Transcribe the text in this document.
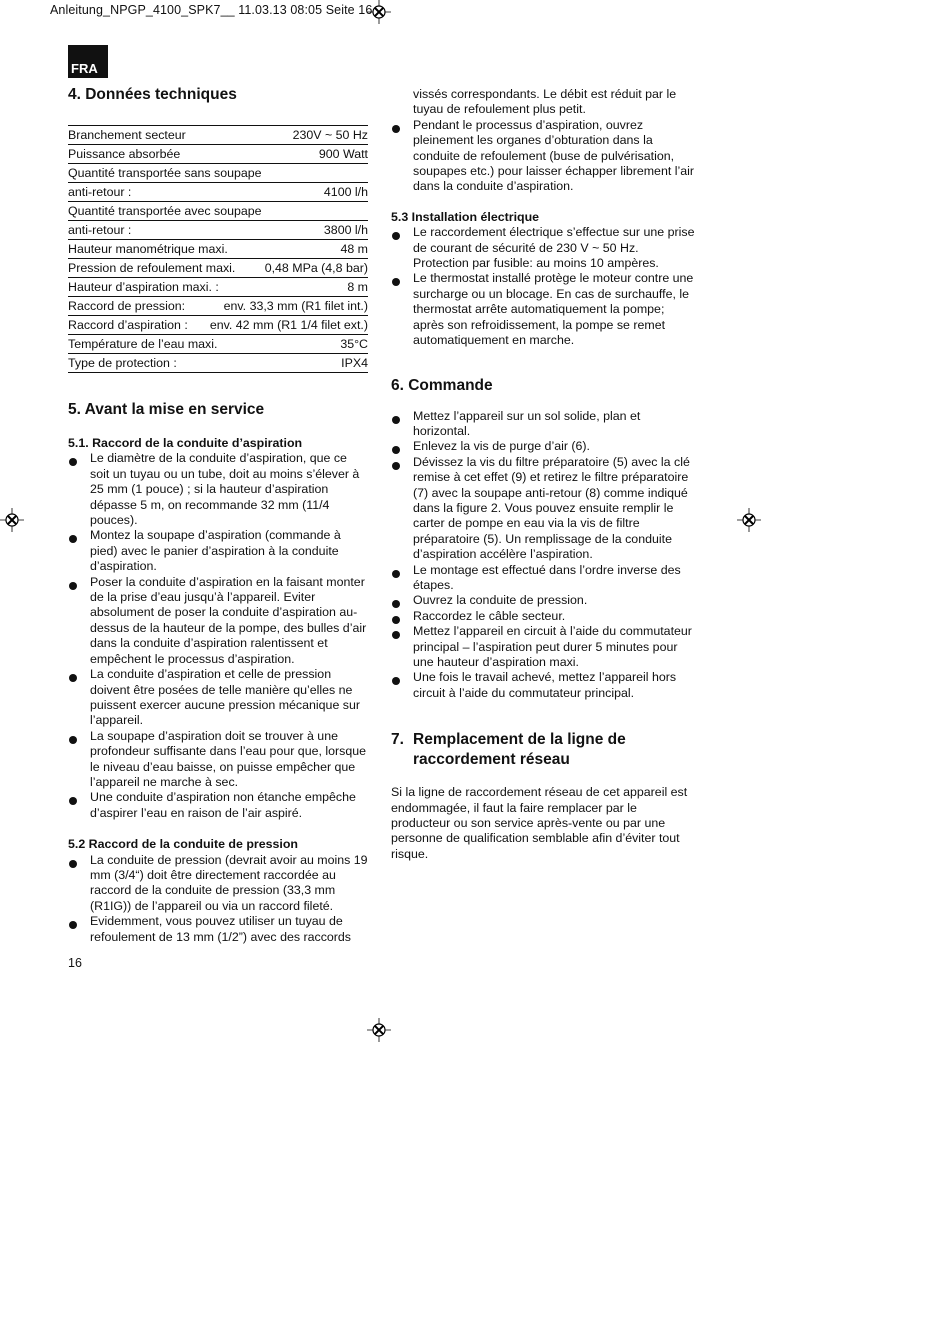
Anleitung_NPGP_4100_SPK7__ 11.03.13 08:05 Seite 16
FRA
4. Données techniques
Branchement secteur	230V ~ 50 Hz
Puissance absorbée	900 Watt
Quantité transportée sans soupape
anti-retour :	4100 l/h
Quantité transportée avec soupape
anti-retour :	3800 l/h
Hauteur manométrique maxi.	48 m
Pression de refoulement maxi. 0,48 MPa (4,8 bar)
Hauteur d’aspiration maxi. :	8 m
Raccord de pression:	env. 33,3 mm (R1 filet int.)
Raccord d’aspiration : env. 42 mm (R1 1/4 filet ext.)
Température de l’eau maxi.	35°C
Type de protection :	IPX4
5. Avant la mise en service
5.1. Raccord de la conduite d’aspiration
Le diamètre de la conduite d’aspiration, que ce soit un tuyau ou un tube, doit au moins s’élever à 25 mm (1 pouce) ; si la hauteur d’aspiration dépasse 5 m, on recommande 32 mm (11/4 pouces).
Montez la soupape d’aspiration (commande à pied) avec le panier d’aspiration à la conduite d’aspiration.
Poser la conduite d’aspiration en la faisant monter de la prise d’eau jusqu’à l’appareil. Eviter absolument de poser la conduite d’aspiration au-dessus de la hauteur de la pompe, des bulles d’air dans la conduite d’aspiration ralentissent et empêchent le processus d’aspiration.
La conduite d’aspiration et celle de pression doivent être posées de telle manière qu’elles ne puissent exercer aucune pression mécanique sur l’appareil.
La soupape d’aspiration doit se trouver à une profondeur suffisante dans l’eau pour que, lorsque le niveau d’eau baisse, on puisse empêcher que l’appareil ne marche à sec.
Une conduite d’aspiration non étanche empêche d’aspirer l’eau en raison de l’air aspiré.
5.2 Raccord de la conduite de pression
La conduite de pression (devrait avoir au moins 19 mm (3/4“) doit être directement raccordée au raccord de la conduite de pression (33,3 mm (R1IG)) de l’appareil ou via un raccord fileté.
Evidemment, vous pouvez utiliser un tuyau de refoulement de 13 mm (1/2”) avec des raccords
16

vissés correspondants. Le débit est réduit par le tuyau de refoulement plus petit.

Pendant le processus d’aspiration, ouvrez pleinement les organes d’obturation dans la conduite de refoulement (buse de pulvérisation, soupapes etc.) pour laisser échapper librement l’air dans la conduite d’aspiration.
5.3 Installation électrique
Le raccordement électrique s’effectue sur une prise de courant de sécurité de 230 V ~ 50 Hz. Protection par fusible: au moins 10 ampères.
Le thermostat installé protège le moteur contre une surcharge ou un blocage. En cas de surchauffe, le thermostat arrête automatiquement la pompe; après son refroidissement, la pompe se remet automatiquement en marche.
6. Commande
Mettez l’appareil sur un sol solide, plan et horizontal.
Enlevez la vis de purge d’air (6).
Dévissez la vis du filtre préparatoire (5) avec la clé remise à cet effet (9) et retirez le filtre préparatoire (7) avec la soupape anti-retour (8) comme indiqué dans la figure 2. Vous pouvez ensuite remplir le carter de pompe en eau via la vis de filtre préparatoire (5). Un remplissage de la conduite d’aspiration accélère l’aspiration.
Le montage est effectué dans l’ordre inverse des étapes.
Ouvrez la conduite de pression.
Raccordez le câble secteur.
Mettez l’appareil en circuit à l’aide du commutateur principal – l’aspiration peut durer 5 minutes pour une hauteur d’aspiration maxi.
Une fois le travail achevé, mettez l’appareil hors circuit à l’aide du commutateur principal.
7. Remplacement de la ligne de raccordement réseau

Si la ligne de raccordement réseau de cet appareil est endommagée, il faut la faire remplacer par le producteur ou son service après-vente ou par une personne de qualification semblable afin d’éviter tout risque.
